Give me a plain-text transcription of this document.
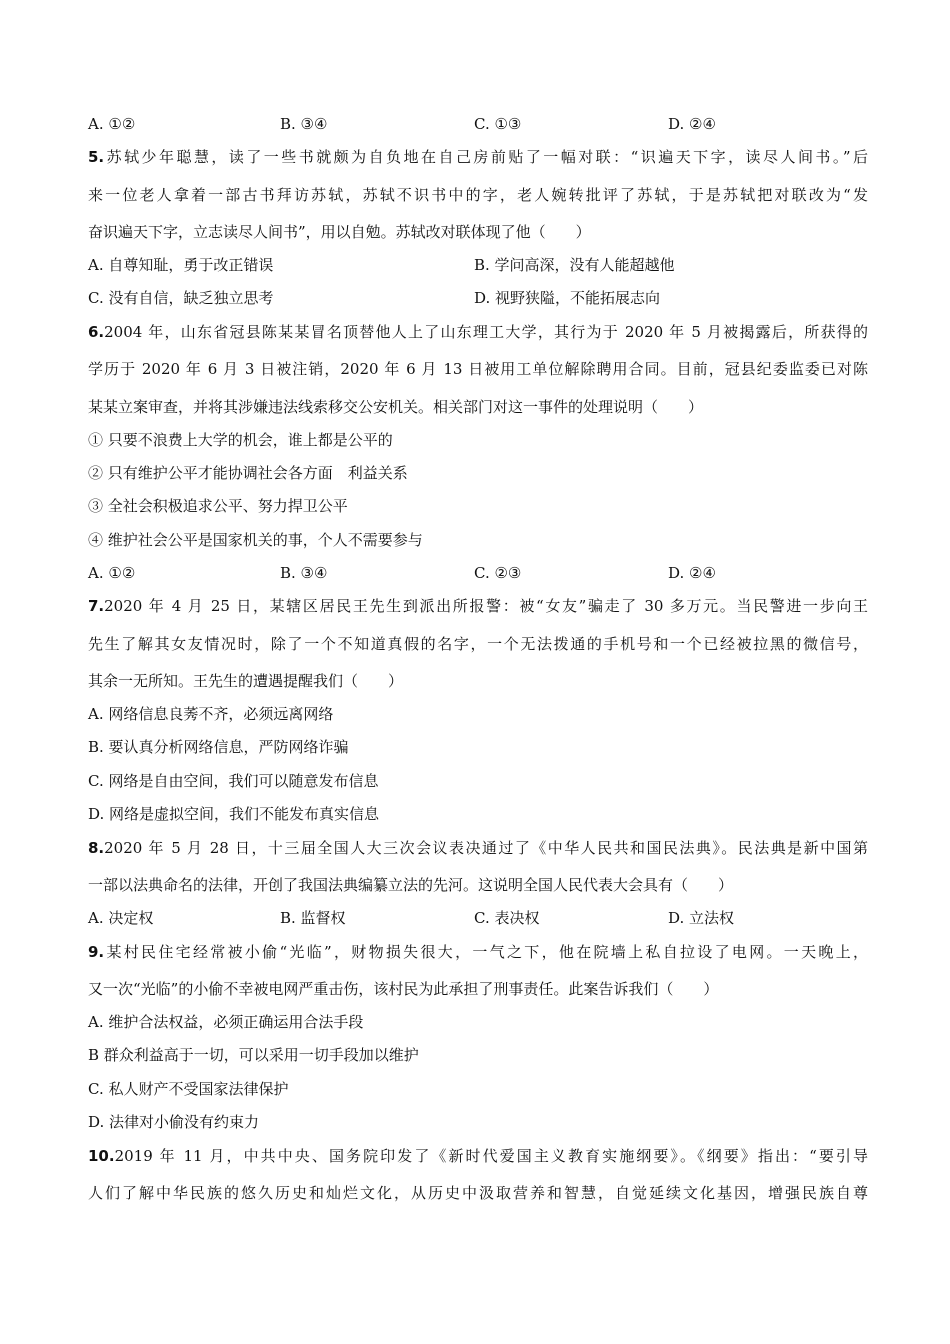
A. ①②	B. ③④	C. ①③	D. ②④
5.苏轼少年聪慧，读了一些书就颇为自负地在自己房前贴了一幅对联：“识遍天下字，读尽人间书。”后
来一位老人拿着一部古书拜访苏轼，苏轼不识书中的字，老人婉转批评了苏轼，于是苏轼把对联改为“发
奋识遍天下字，立志读尽人间书”，用以自勉。苏轼改对联体现了他（　　）
A. 自尊知耻，勇于改正错误	B. 学问高深，没有人能超越他
C. 没有自信，缺乏独立思考	D. 视野狭隘，不能拓展志向
6.2004 年，山东省冠县陈某某冒名顶替他人上了山东理工大学，其行为于 2020 年 5 月被揭露后，所获得的
学历于 2020 年 6 月 3 日被注销，2020 年 6 月 13 日被用工单位解除聘用合同。目前，冠县纪委监委已对陈
某某立案审查，并将其涉嫌违法线索移交公安机关。相关部门对这一事件的处理说明（　　）
① 只要不浪费上大学的机会，谁上都是公平的
② 只有维护公平才能协调社会各方面　利益关系
③ 全社会积极追求公平、努力捍卫公平
④ 维护社会公平是国家机关的事，个人不需要参与
A. ①②	B. ③④	C. ②③	D. ②④
7.2020 年 4 月 25 日，某辖区居民王先生到派出所报警：被“女友”骗走了 30 多万元。当民警进一步向王
先生了解其女友情况时，除了一个不知道真假的名字，一个无法拨通的手机号和一个已经被拉黑的微信号，
其余一无所知。王先生的遭遇提醒我们（　　）
A. 网络信息良莠不齐，必须远离网络
B. 要认真分析网络信息，严防网络诈骗
C. 网络是自由空间，我们可以随意发布信息
D. 网络是虚拟空间，我们不能发布真实信息
8.2020 年 5 月 28 日，十三届全国人大三次会议表决通过了《中华人民共和国民法典》。民法典是新中国第
一部以法典命名的法律，开创了我国法典编纂立法的先河。这说明全国人民代表大会具有（　　）
A. 决定权	B. 监督权	C. 表决权	D. 立法权
9.某村民住宅经常被小偷“光临”，财物损失很大，一气之下，他在院墙上私自拉设了电网。一天晚上，
又一次“光临”的小偷不幸被电网严重击伤，该村民为此承担了刑事责任。此案告诉我们（　　）
A. 维护合法权益，必须正确运用合法手段
B 群众利益高于一切，可以采用一切手段加以维护
C. 私人财产不受国家法律保护
D. 法律对小偷没有约束力
10.2019 年 11 月，中共中央、国务院印发了《新时代爱国主义教育实施纲要》。《纲要》指出：“要引导
人们了解中华民族的悠久历史和灿烂文化，从历史中汲取营养和智慧，自觉延续文化基因，增强民族自尊
